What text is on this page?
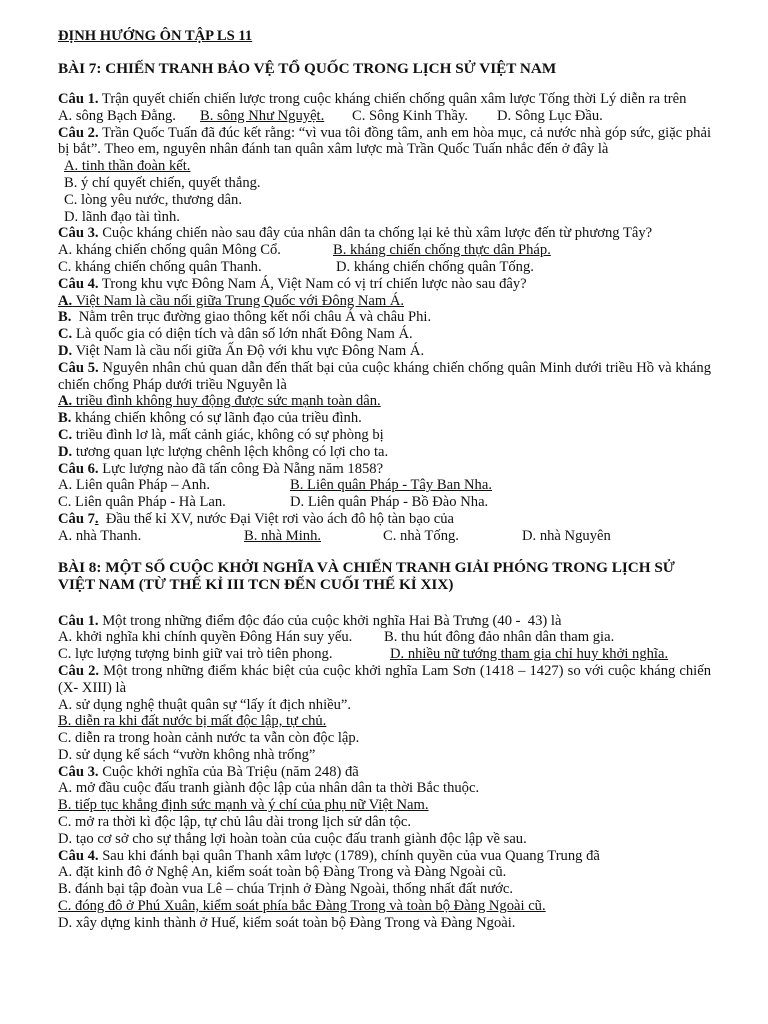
ĐỊNH HƯỚNG ÔN TẬP LS 11
BÀI 7: CHIẾN TRANH BẢO VỆ TỔ QUỐC TRONG LỊCH SỬ VIỆT NAM
Câu 1. Trận quyết chiến chiến lược trong cuộc kháng chiến chống quân xâm lược Tống thời Lý diễn ra trên
A. sông Bạch Đằng. B. sông Như Nguyệt. C. Sông Kinh Thầy. D. Sông Lục Đầu.
Câu 2. Trần Quốc Tuấn đã đúc kết rằng: “vì vua tôi đồng tâm, anh em hòa mục, cả nước nhà góp sức, giặc phải bị bắt”. Theo em, nguyên nhân đánh tan quân xâm lược mà Trần Quốc Tuấn nhắc đến ở đây là
A. tinh thần đoàn kết.
B. ý chí quyết chiến, quyết thắng.
C. lòng yêu nước, thương dân.
D. lãnh đạo tài tình.
Câu 3. Cuộc kháng chiến nào sau đây của nhân dân ta chống lại kẻ thù xâm lược đến từ phương Tây?
A. kháng chiến chống quân Mông Cổ.	B. kháng chiến chống thực dân Pháp.
C. kháng chiến chống quân Thanh.	D. kháng chiến chống quân Tống.
Câu 4. Trong khu vực Đông Nam Á, Việt Nam có vị trí chiến lược nào sau đây?
A. Việt Nam là cầu nối giữa Trung Quốc với Đông Nam Á.
B.  Nằm trên trục đường giao thông kết nối châu Á và châu Phi.
C. Là quốc gia có diện tích và dân số lớn nhất Đông Nam Á.
D. Việt Nam là cầu nối giữa Ấn Độ với khu vực Đông Nam Á.
Câu 5. Nguyên nhân chủ quan dẫn đến thất bại của cuộc kháng chiến chống quân Minh dưới triều Hồ và kháng chiến chống Pháp dưới triều Nguyễn là
A. triều đình không huy động được sức mạnh toàn dân.
B. kháng chiến không có sự lãnh đạo của triều đình.
C. triều đình lơ là, mất cảnh giác, không có sự phòng bị
D. tương quan lực lượng chênh lệch không có lợi cho ta.
Câu 6. Lực lượng nào đã tấn công Đà Nẵng năm 1858?
A. Liên quân Pháp – Anh.	B. Liên quân Pháp - Tây Ban Nha.
C. Liên quân Pháp - Hà Lan.	D. Liên quân Pháp - Bồ Đào Nha.
Câu 7.  Đầu thế kỉ XV, nước Đại Việt rơi vào ách đô hộ tàn bạo của
A. nhà Thanh.	B. nhà Minh.	C. nhà Tống.	D. nhà Nguyên
BÀI 8: MỘT SỐ CUỘC KHỞI NGHĨA VÀ CHIẾN TRANH GIẢI PHÓNG TRONG LỊCH SỬ VIỆT NAM (TỪ THẾ KỈ III TCN ĐẾN CUỐI THẾ KỈ XIX)
Câu 1. Một trong những điểm độc đáo của cuộc khởi nghĩa Hai Bà Trưng (40 -  43) là
A. khởi nghĩa khi chính quyền Đông Hán suy yếu. B. thu hút đông đảo nhân dân tham gia.
C. lực lượng tượng binh giữ vai trò tiên phong.	D. nhiều nữ tướng tham gia chỉ huy khởi nghĩa.
Câu 2. Một trong những điểm khác biệt của cuộc khởi nghĩa Lam Sơn (1418 – 1427) so với cuộc kháng chiến (X- XIII) là
A. sử dụng nghệ thuật quân sự “lấy ít địch nhiều”.
B. diễn ra khi đất nước bị mất độc lập, tự chủ.
C. diễn ra trong hoàn cảnh nước ta vẫn còn độc lập.
D. sử dụng kế sách “vườn không nhà trống”
Câu 3. Cuộc khởi nghĩa của Bà Triệu (năm 248) đã
A. mở đầu cuộc đấu tranh giành độc lập của nhân dân ta thời Bắc thuộc.
B. tiếp tục khẳng định sức mạnh và ý chí của phụ nữ Việt Nam.
C. mở ra thời kì độc lập, tự chủ lâu dài trong lịch sử dân tộc.
D. tạo cơ sở cho sự thắng lợi hoàn toàn của cuộc đấu tranh giành độc lập về sau.
Câu 4. Sau khi đánh bại quân Thanh xâm lược (1789), chính quyền của vua Quang Trung đã
A. đặt kinh đô ở Nghệ An, kiểm soát toàn bộ Đàng Trong và Đàng Ngoài cũ.
B. đánh bại tập đoàn vua Lê – chúa Trịnh ở Đàng Ngoài, thống nhất đất nước.
C. đóng đô ở Phú Xuân, kiểm soát phía bắc Đàng Trong và toàn bộ Đàng Ngoài cũ.
D. xây dựng kinh thành ở Huế, kiểm soát toàn bộ Đàng Trong và Đàng Ngoài.
